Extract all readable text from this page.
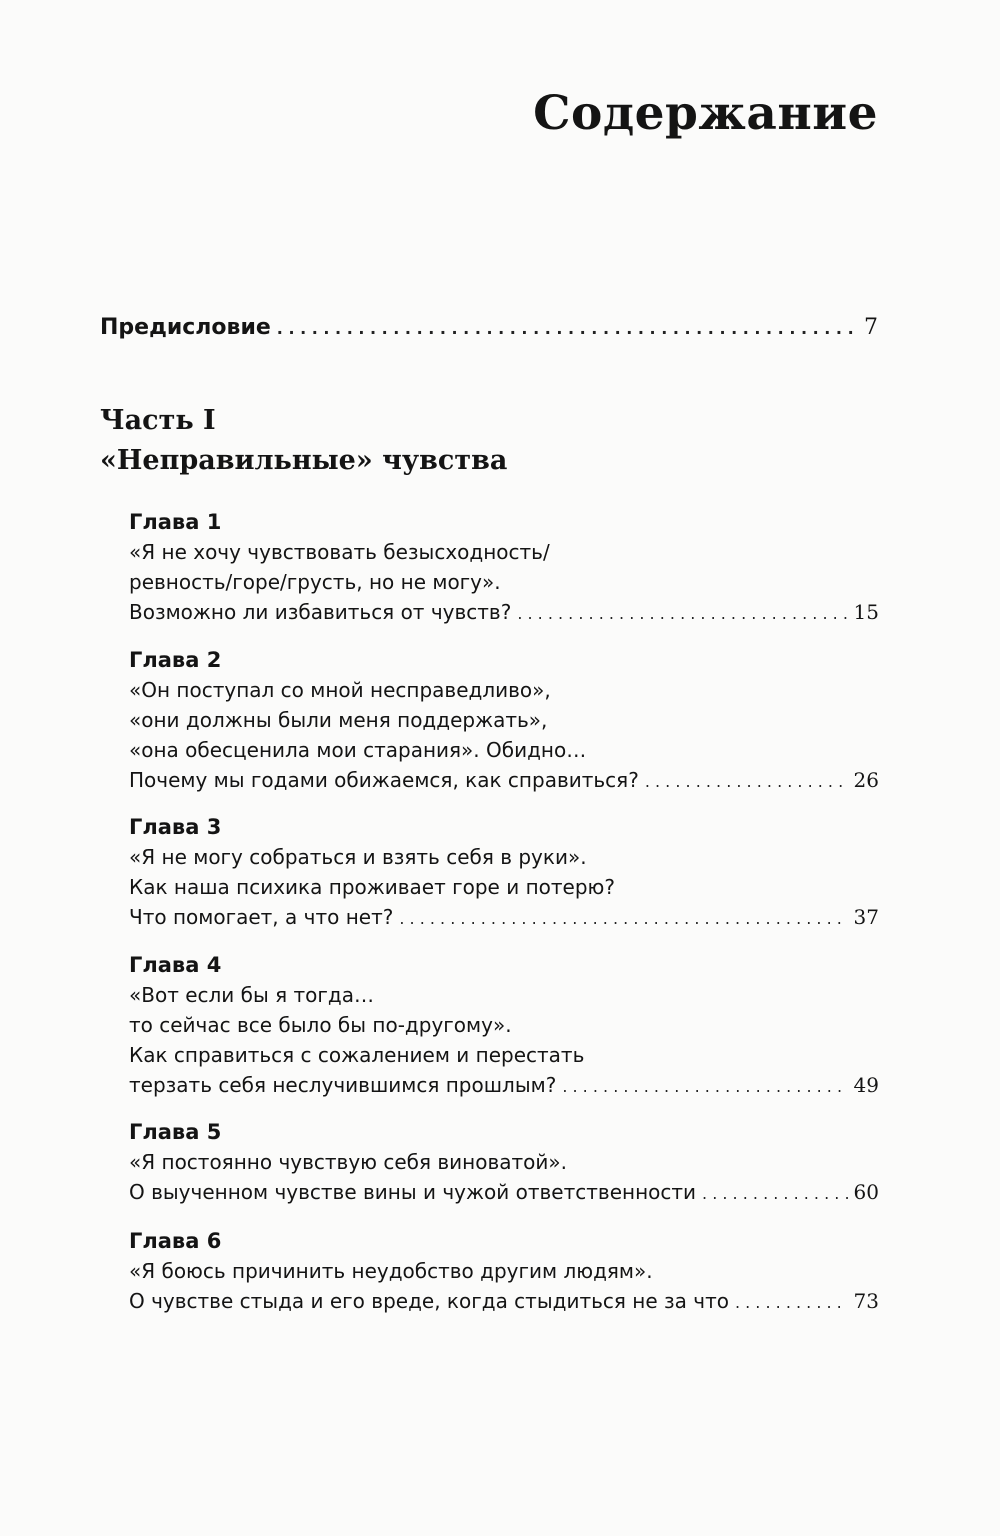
Содержание
Предисловие . . .	7
Часть I
«Неправильные» чувства
Глава 1
«Я не хочу чувствовать безысходность/
ревность/горе/грусть, но не могу».
Возможно ли избавиться от чувств? . . .	15
Глава 2
«Он поступал со мной несправедливо»,
«они должны были меня поддержать»,
«она обесценила мои старания». Обидно…
Почему мы годами обижаемся, как справиться? . . .	26
Глава 3
«Я не могу собраться и взять себя в руки».
Как наша психика проживает горе и потерю?
Что помогает, а что нет? . . .	37
Глава 4
«Вот если бы я тогда…
то сейчас все было бы по-другому».
Как справиться с сожалением и перестать
терзать себя неслучившимся прошлым? . . .	49
Глава 5
«Я постоянно чувствую себя виноватой».
О выученном чувстве вины и чужой ответственности . . .	60
Глава 6
«Я боюсь причинить неудобство другим людям».
О чувстве стыда и его вреде, когда стыдиться не за что . . .	73
